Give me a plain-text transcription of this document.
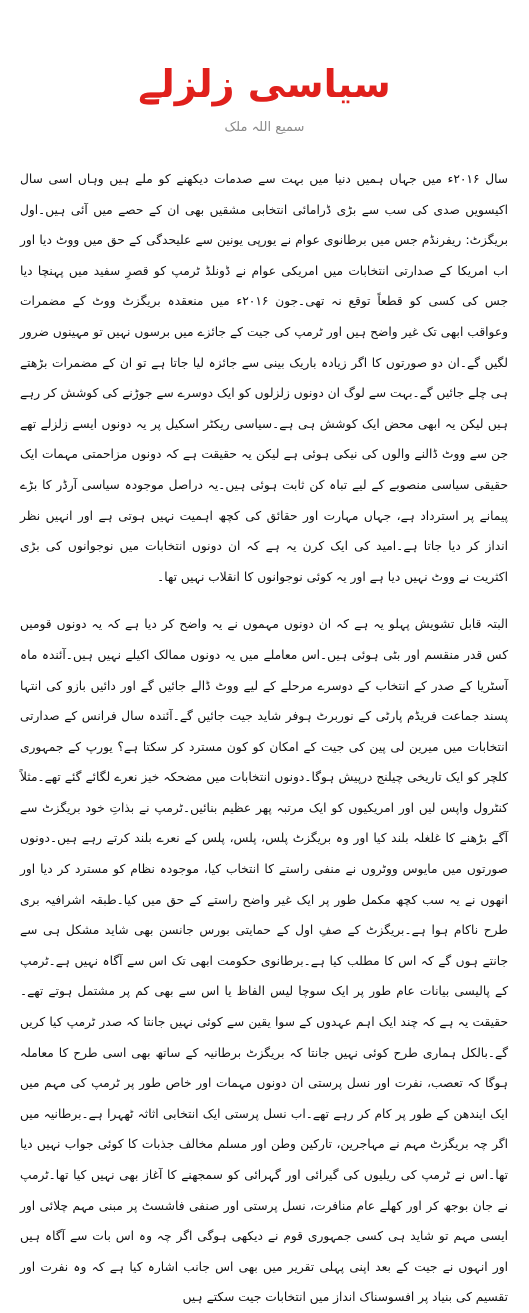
سیاسی زلزلے
سمیع اللہ ملک

سال ۲۰۱۶ء میں جہاں ہمیں دنیا میں بہت سے صدمات دیکھنے کو ملے ہیں وہاں اسی سال اکیسویں صدی کی سب سے بڑی ڈرامائی انتخابی مشقیں بھی ان کے حصے میں آئی ہیں۔اول بریگزٹ: ریفرنڈم جس میں برطانوی عوام نے یورپی یونین سے علیحدگی کے حق میں ووٹ دیا اور اب امریکا کے صدارتی انتخابات میں امریکی عوام نے ڈونلڈ ٹرمپ کو قصرِ سفید میں پہنچا دیا جس کی کسی کو قطعاً توقع نہ تھی۔جون ۲۰۱۶ء میں منعقدہ بریگزٹ ووٹ کے مضمرات وعواقب ابھی تک غیر واضح ہیں اور ٹرمپ کی جیت کے جائزے میں برسوں نہیں تو مہینوں ضرور لگیں گے۔ان دو صورتوں کا اگر زیادہ باریک بینی سے جائزہ لیا جاتا ہے تو ان کے مضمرات بڑھتے ہی چلے جائیں گے۔بہت سے لوگ ان دونوں زلزلوں کو ایک دوسرے سے جوڑنے کی کوشش کر رہے ہیں لیکن یہ ابھی محض ایک کوشش ہی ہے۔سیاسی ریکٹر اسکیل پر یہ دونوں ایسے زلزلے تھے جن سے ووٹ ڈالنے والوں کی نیکی ہوئی ہے لیکن یہ حقیقت ہے کہ دونوں مزاحمتی مہمات ایک حقیقی سیاسی منصوبے کے لیے تباہ کن ثابت ہوئی ہیں۔یہ دراصل موجودہ سیاسی آرڈر کا بڑے پیمانے پر استرداد ہے، جہاں مہارت اور حقائق کی کچھ اہمیت نہیں ہوتی ہے اور انہیں نظر انداز کر دیا جاتا ہے۔امید کی ایک کرن یہ ہے کہ ان دونوں انتخابات میں نوجوانوں کی بڑی اکثریت نے ووٹ نہیں دیا ہے اور یہ کوئی نوجوانوں کا انقلاب نہیں تھا۔

البتہ قابل تشویش پہلو یہ ہے کہ ان دونوں مہموں نے یہ واضح کر دیا ہے کہ یہ دونوں قومیں کس قدر منقسم اور بٹی ہوئی ہیں۔اس معاملے میں یہ دونوں ممالک اکیلے نہیں ہیں۔آئندہ ماہ آسٹریا کے صدر کے انتخاب کے دوسرے مرحلے کے لیے ووٹ ڈالے جائیں گے اور دائیں بازو کی انتہا پسند جماعت فریڈم پارٹی کے نوربرٹ ہوفر شاید جیت جائیں گے۔آئندہ سال فرانس کے صدارتی انتخابات میں میرین لی پین کی جیت کے امکان کو کون مسترد کر سکتا ہے؟ یورپ کے جمہوری کلچر کو ایک تاریخی چیلنج درپیش ہوگا۔دونوں انتخابات میں مضحکہ خیز نعرے لگائے گئے تھے۔مثلاً کنٹرول واپس لیں اور امریکیوں کو ایک مرتبہ پھر عظیم بنائیں۔ٹرمپ نے بذاتِ خود بریگزٹ سے آگے بڑھنے کا غلغلہ بلند کیا اور وہ بریگزٹ پلس، پلس، پلس کے نعرے بلند کرتے رہے ہیں۔دونوں صورتوں میں مایوس ووٹروں نے منفی راستے کا انتخاب کیا، موجودہ نظام کو مسترد کر دیا اور انھوں نے یہ سب کچھ مکمل طور پر ایک غیر واضح راستے کے حق میں کیا۔طبقہ اشرافیہ بری طرح ناکام ہوا ہے۔بریگزٹ کے صفِ اول کے حمایتی بورس جانسن بھی شاید مشکل ہی سے جانتے ہوں گے کہ اس کا مطلب کیا ہے۔برطانوی حکومت ابھی تک اس سے آگاہ نہیں ہے۔ٹرمپ کے پالیسی بیانات عام طور پر ایک سوچا لیس الفاظ یا اس سے بھی کم پر مشتمل ہوتے تھے۔حقیقت یہ ہے کہ چند ایک اہم عہدوں کے سوا یقین سے کوئی نہیں جانتا کہ صدر ٹرمپ کیا کریں گے۔بالکل ہماری طرح کوئی نہیں جانتا کہ بریگزٹ برطانیہ کے ساتھ بھی اسی طرح کا معاملہ ہوگا کہ تعصب، نفرت اور نسل پرستی ان دونوں مہمات اور خاص طور پر ٹرمپ کی مہم میں ایک ایندھن کے طور پر کام کر رہے تھے۔اب نسل پرستی ایک انتخابی اثاثہ ٹھہرا ہے۔برطانیہ میں اگر چہ بریگزٹ مہم نے مہاجرین، تارکین وطن اور مسلم مخالف جذبات کا کوئی جواب نہیں دیا تھا۔اس نے ٹرمپ کی ریلیوں کی گیرائی اور گہرائی کو سمجھنے کا آغاز بھی نہیں کیا تھا۔ٹرمپ نے جان بوجھ کر اور کھلے عام منافرت، نسل پرستی اور صنفی فاشسٹ پر مبنی مہم چلائی اور ایسی مہم تو شاید ہی کسی جمہوری قوم نے دیکھی ہوگی اگر چہ وہ اس بات سے آگاہ ہیں اور انہوں نے جیت کے بعد اپنی پہلی تقریر میں بھی اس جانب اشارہ کیا ہے کہ وہ نفرت اور تقسیم کی بنیاد پر افسوسناک انداز میں انتخابات جیت سکتے ہیں
